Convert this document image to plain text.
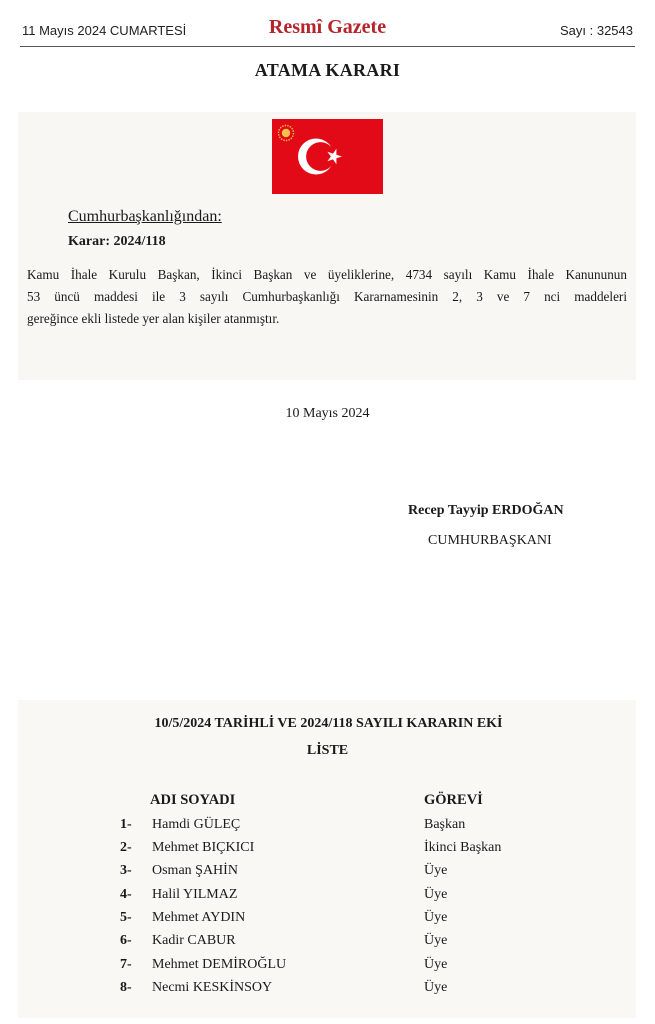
11 Mayıs 2024 CUMARTESİ	Resmî Gazete	Sayı : 32543
ATAMA KARARI
Cumhurbaşkanlığından:
Karar: 2024/118
Kamu İhale Kurulu Başkan, İkinci Başkan ve üyeliklerine, 4734 sayılı Kamu İhale Kanununun
53 üncü maddesi ile 3 sayılı Cumhurbaşkanlığı Kararnamesinin 2, 3 ve 7 nci maddeleri
gereğince ekli listede yer alan kişiler atanmıştır.
10 Mayıs 2024
Recep Tayyip ERDOĞAN
CUMHURBAŞKANI
10/5/2024 TARİHLİ VE 2024/118 SAYILI KARARIN EKİ
LİSTE
ADI SOYADI	GÖREVİ
1- Hamdi GÜLEÇ	Başkan
2- Mehmet BIÇKICI	İkinci Başkan
3- Osman ŞAHİN	Üye
4- Halil YILMAZ	Üye
5- Mehmet AYDIN	Üye
6- Kadir CABUR	Üye
7- Mehmet DEMİROĞLU	Üye
8- Necmi KESKİNSOY	Üye
